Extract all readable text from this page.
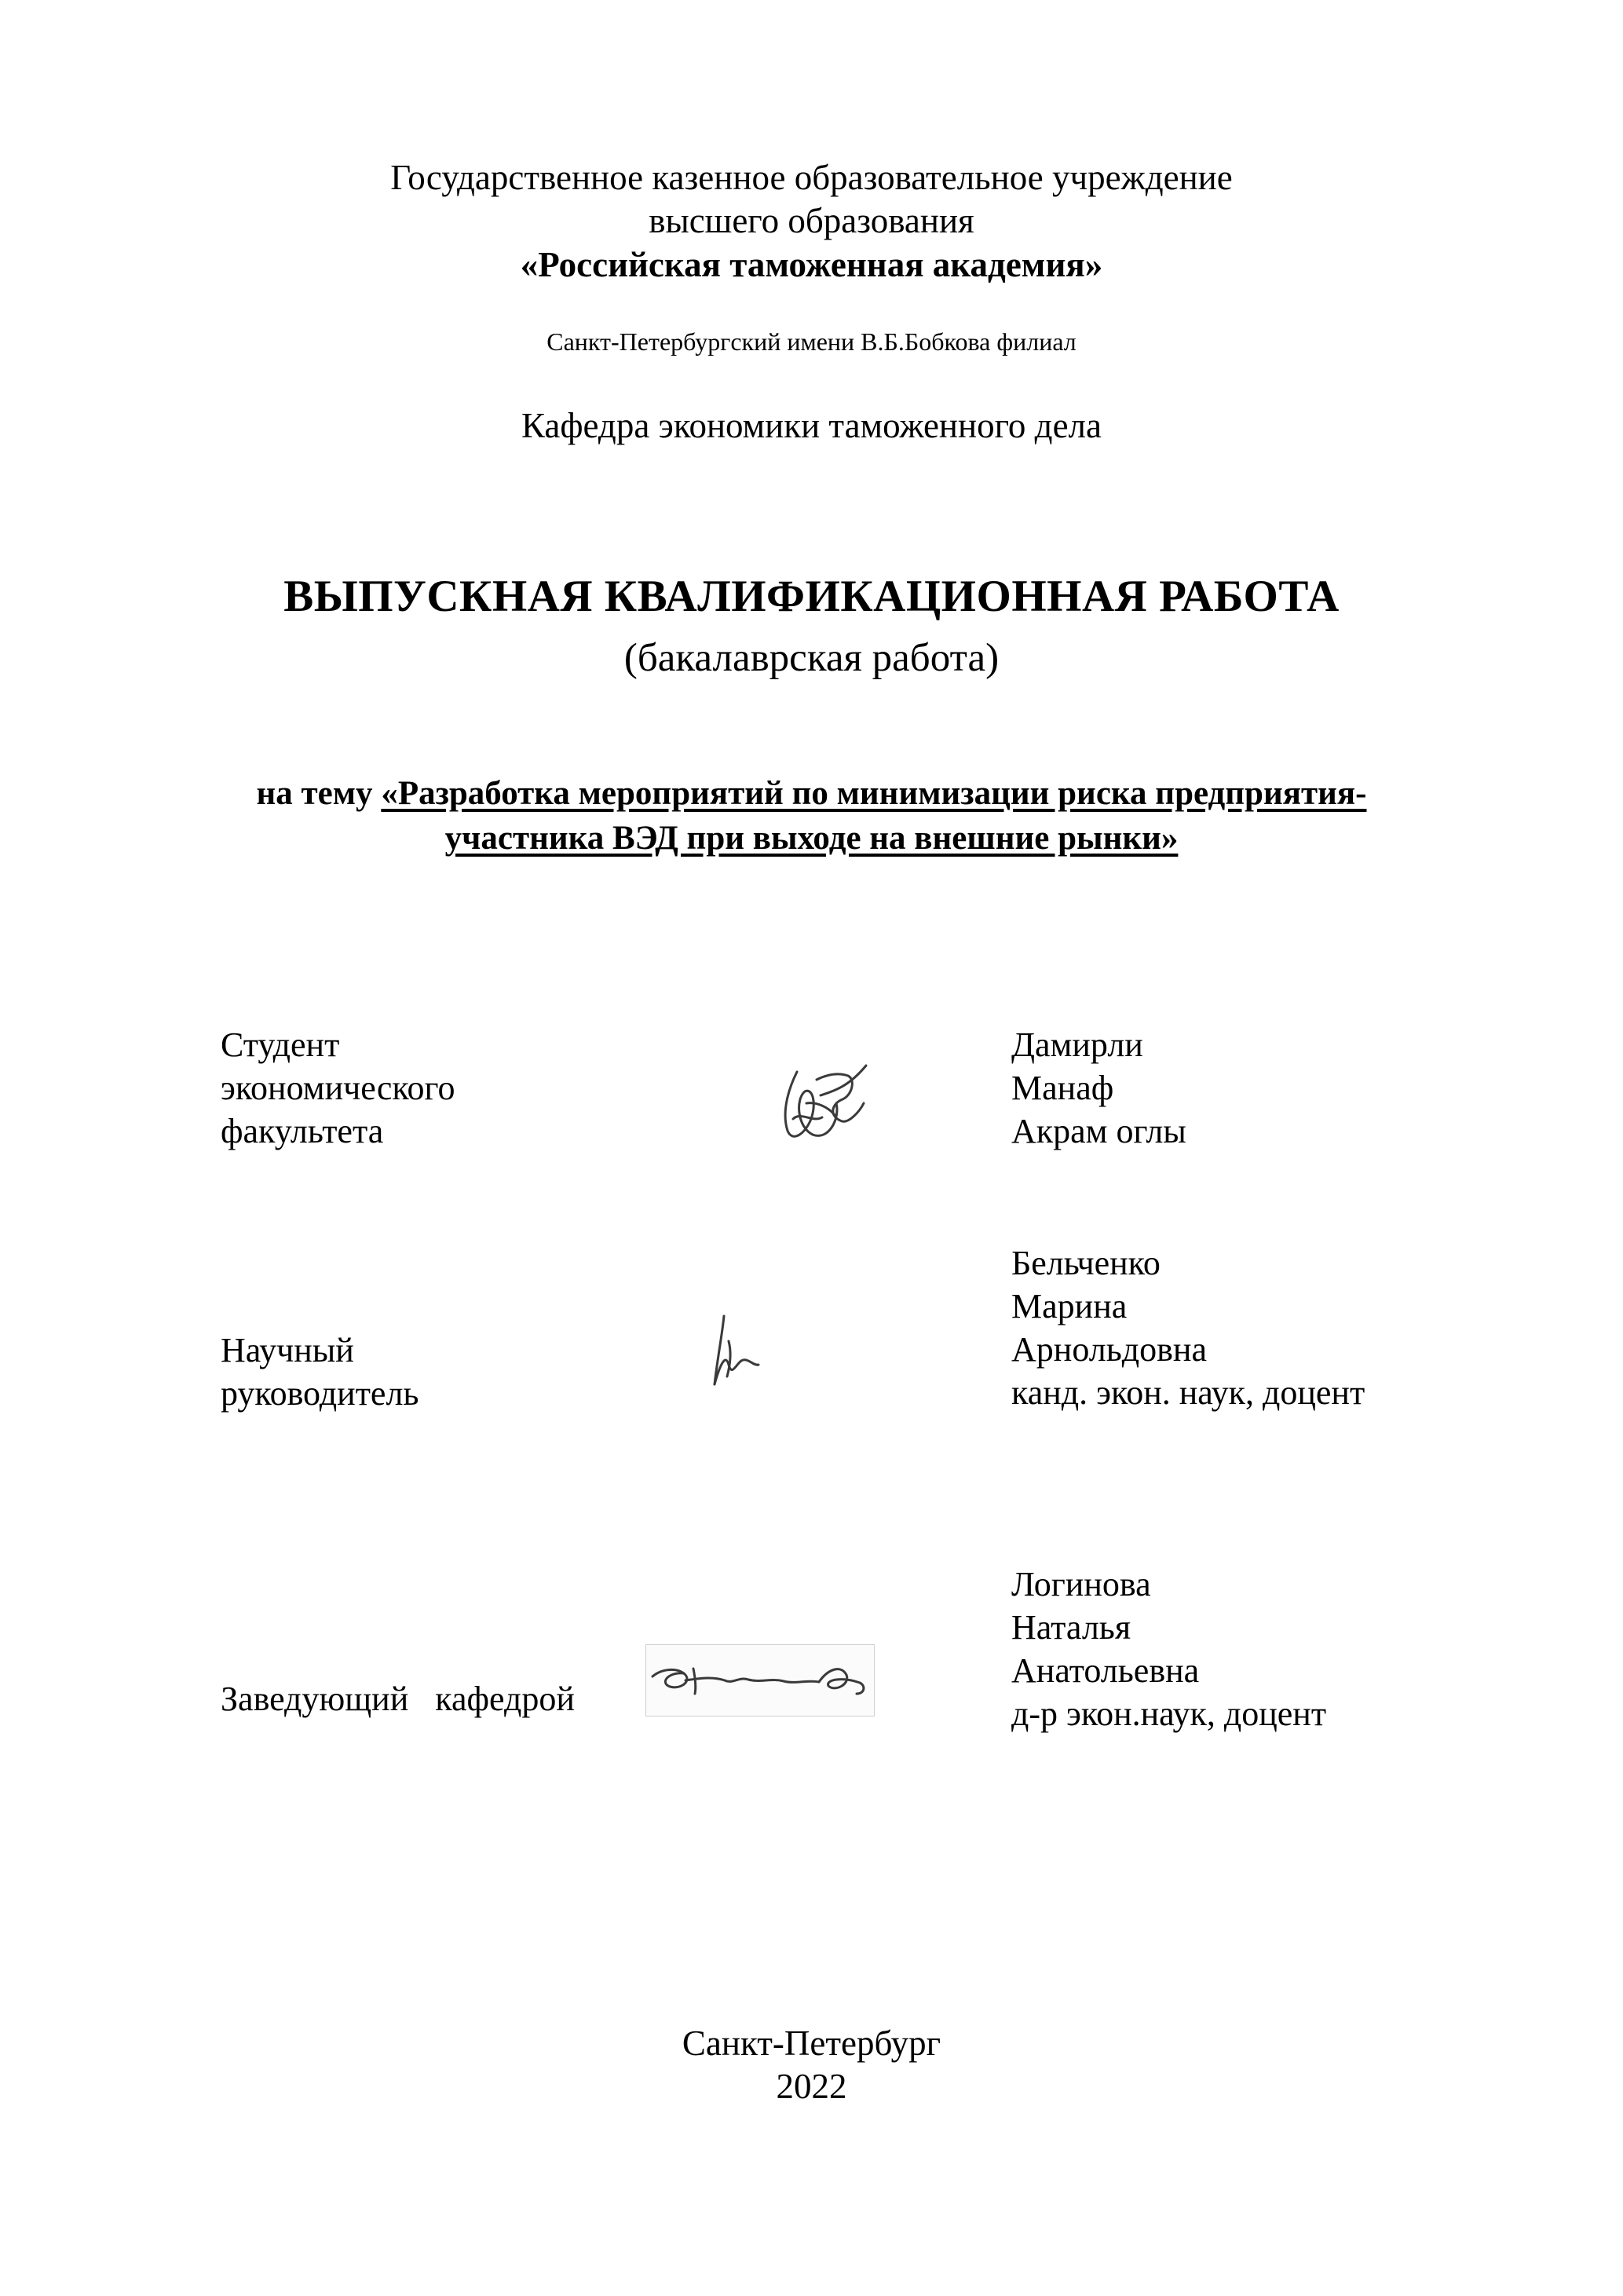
Государственное казенное образовательное учреждение
высшего образования
«Российская таможенная академия»
Санкт-Петербургский имени В.Б.Бобкова филиал
Кафедра экономики таможенного дела
ВЫПУСКНАЯ КВАЛИФИКАЦИОННАЯ РАБОТА
(бакалаврская работа)
на тему «Разработка мероприятий по минимизации риска предприятия-
участника ВЭД при выходе на внешние рынки»
Студент
экономического
факультета
Дамирли
Манаф
Акрам оглы
Научный
руководитель
Бельченко
Марина
Арнольдовна
канд. экон. наук, доцент
Заведующий кафедрой
Логинова
Наталья
Анатольевна
д-р экон.наук, доцент
Санкт-Петербург
2022
